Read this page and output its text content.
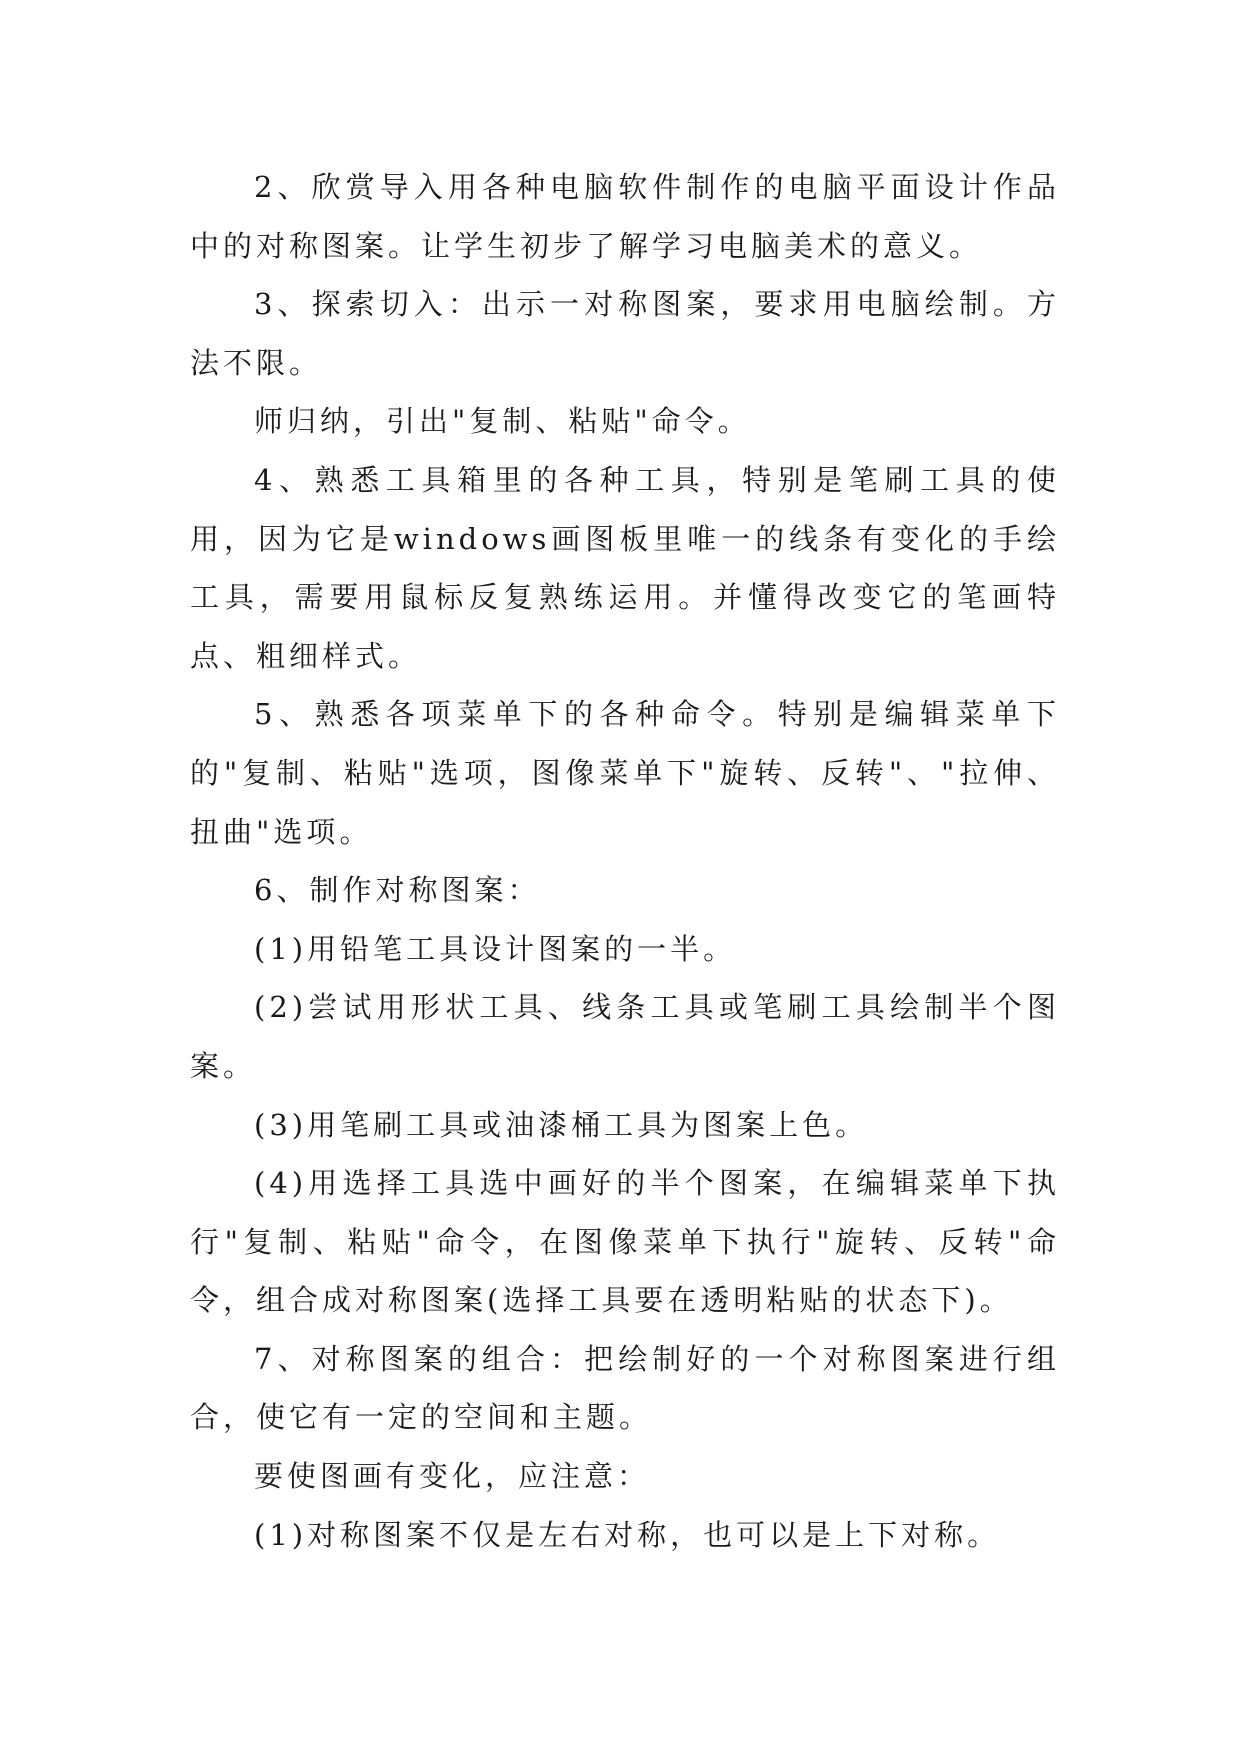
2、欣赏导入用各种电脑软件制作的电脑平面设计作品中的对称图案。让学生初步了解学习电脑美术的意义。

3、探索切入：出示一对称图案，要求用电脑绘制。方法不限。

师归纳，引出"复制、粘贴"命令。

4、熟悉工具箱里的各种工具，特别是笔刷工具的使用，因为它是windows画图板里唯一的线条有变化的手绘工具，需要用鼠标反复熟练运用。并懂得改变它的笔画特点、粗细样式。

5、熟悉各项菜单下的各种命令。特别是编辑菜单下的"复制、粘贴"选项，图像菜单下"旋转、反转"、"拉伸、扭曲"选项。

6、制作对称图案：

(1)用铅笔工具设计图案的一半。

(2)尝试用形状工具、线条工具或笔刷工具绘制半个图案。

(3)用笔刷工具或油漆桶工具为图案上色。

(4)用选择工具选中画好的半个图案，在编辑菜单下执行"复制、粘贴"命令，在图像菜单下执行"旋转、反转"命令，组合成对称图案(选择工具要在透明粘贴的状态下)。

7、对称图案的组合：把绘制好的一个对称图案进行组合，使它有一定的空间和主题。

要使图画有变化，应注意：

(1)对称图案不仅是左右对称，也可以是上下对称。
